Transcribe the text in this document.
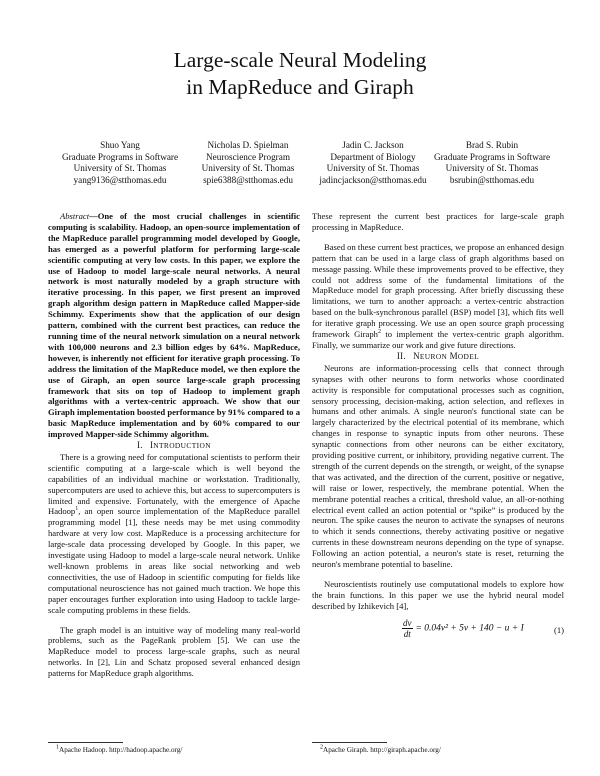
Large-scale Neural Modeling
in MapReduce and Giraph
Shuo Yang
Graduate Programs in Software
University of St. Thomas
yang9136@stthomas.edu
Nicholas D. Spielman
Neuroscience Program
University of St. Thomas
spie6388@stthomas.edu
Jadin C. Jackson
Department of Biology
University of St. Thomas
jadincjackson@stthomas.edu
Brad S. Rubin
Graduate Programs in Software
University of St. Thomas
bsrubin@stthomas.edu

Abstract—One of the most crucial challenges in scientific computing is scalability. Hadoop, an open-source implementation of the MapReduce parallel programming model developed by Google, has emerged as a powerful platform for performing large-scale scientific computing at very low costs. In this paper, we explore the use of Hadoop to model large-scale neural networks. A neural network is most naturally modeled by a graph structure with iterative processing. In this paper, we first present an improved graph algorithm design pattern in MapReduce called Mapper-side Schimmy. Experiments show that the application of our design pattern, combined with the current best practices, can reduce the running time of the neural network simulation on a neural network with 100,000 neurons and 2.3 billion edges by 64%. MapReduce, however, is inherently not efficient for iterative graph processing. To address the limitation of the MapReduce model, we then explore the use of Giraph, an open source large-scale graph processing framework that sits on top of Hadoop to implement graph algorithms with a vertex-centric approach. We show that our Giraph implementation boosted performance by 91% compared to a basic MapReduce implementation and by 60% compared to our improved Mapper-side Schimmy algorithm.

I. INTRODUCTION

There is a growing need for computational scientists to perform their scientific computing at a large-scale which is well beyond the capabilities of an individual machine or workstation. Traditionally, supercomputers are used to achieve this, but access to supercomputers is limited and expensive. Fortunately, with the emergence of Apache Hadoop$^1$, an open source implementation of the MapReduce parallel programming model [1], these needs may be met using commodity hardware at very low cost. MapReduce is a processing architecture for large-scale data processing developed by Google. In this paper, we investigate using Hadoop to model a large-scale neural network. Unlike well-known problems in areas like social networking and web connectivities, the use of Hadoop in scientific computing for fields like computational neuroscience has not gained much traction. We hope this paper encourages further exploration into using Hadoop to tackle large-scale computing problems in these fields.

The graph model is an intuitive way of modeling many real-world problems, such as the PageRank problem [5]. We can use the MapReduce model to process large-scale graphs, such as neural networks. In [2], Lin and Schatz proposed several enhanced design patterns for MapReduce graph algorithms.

These represent the current best practices for large-scale graph processing in MapReduce.

Based on these current best practices, we propose an enhanced design pattern that can be used in a large class of graph algorithms based on message passing. While these improvements proved to be effective, they could not address some of the fundamental limitations of the MapReduce model for graph processing. After briefly discussing these limitations, we turn to another approach: a vertex-centric abstraction based on the bulk-synchronous parallel (BSP) model [3], which fits well for iterative graph processing. We use an open source graph processing framework Giraph$^2$ to implement the vertex-centric graph algorithm. Finally, we summarize our work and give future directions.

II. NEURON MODEL

Neurons are information-processing cells that connect through synapses with other neurons to form networks whose coordinated activity is responsible for computational processes such as cognition, sensory processing, decision-making, action selection, and reflexes in humans and other animals. A single neuron's functional state can be largely characterized by the electrical potential of its membrane, which changes in response to synaptic inputs from other neurons. These synaptic connections from other neurons can be either excitatory, providing positive current, or inhibitory, providing negative current. The strength of the current depends on the strength, or weight, of the synapse that was activated, and the direction of the current, positive or negative, will raise or lower, respectively, the membrane potential. When the membrane potential reaches a critical, threshold value, an all-or-nothing electrical event called an action potential or “spike” is produced by the neuron. The spike causes the neuron to activate the synapses of neurons to which it sends connections, thereby activating positive or negative currents in these downstream neurons depending on the type of synapse. Following an action potential, a neuron's state is reset, returning the neuron's membrane potential to baseline.

Neuroscientists routinely use computational models to explore how the brain functions. In this paper we use the hybrid neural model described by Izhikevich [4],

$\frac{dv}{dt} = 0.04v^2 + 5v + 140 - u + I$	(1)
$^1$Apache Hadoop. http://hadoop.apache.org/	$^2$Apache Giraph. http://giraph.apache.org/
